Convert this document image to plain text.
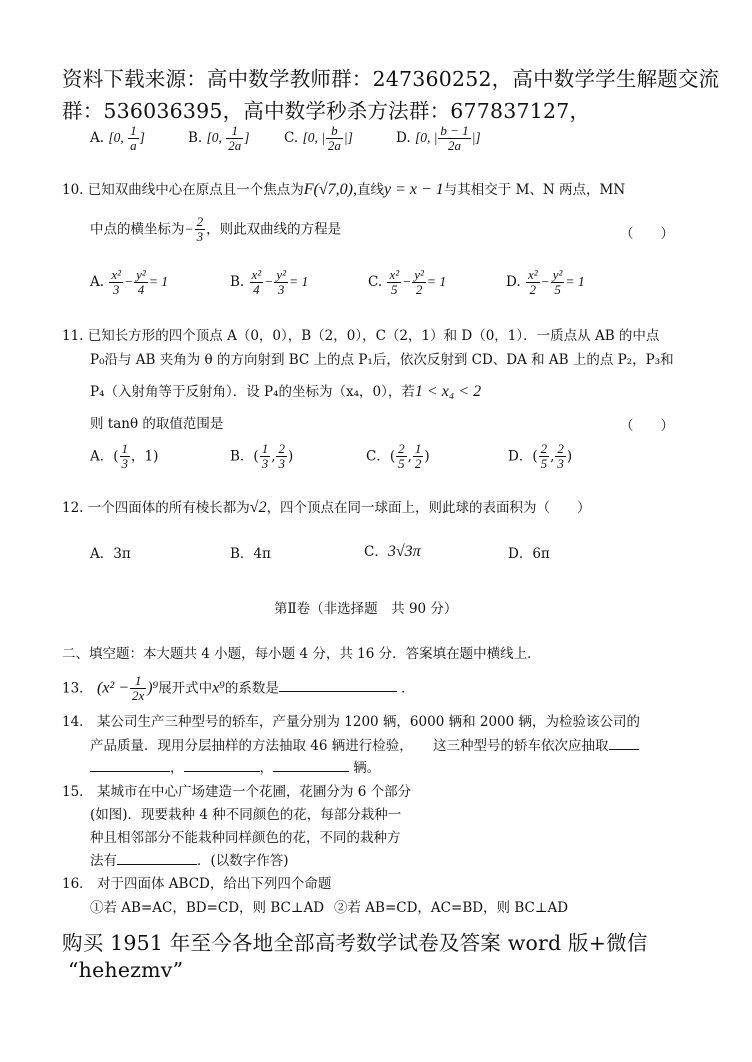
资料下载来源：高中数学教师群：247360252，高中数学学生解题交流
群：536036395，高中数学秒杀方法群：677837127，
A. [0, $\frac{1}{a}$ ]	B. [0, $\frac{1}{2a}$ ]	C. [0, | $\frac{b}{2a}$ |]	D. [0, | $\frac{b - 1}{2a}$ |]
10. 已知双曲线中心在原点且一个焦点为F(√7,0),直线y = x − 1与其相交于 M、N 两点，MN
中点的横坐标为− $\frac{2}{3}$ ，则此双曲线的方程是	（　　）
A. $\frac{\text{x²}}{3} - \frac{\text{y²}}{4} = 1$	B. $\frac{\text{x²}}{4} - \frac{\text{y²}}{3} = 1$	C. $\frac{\text{x²}}{5} - \frac{\text{y²}}{2} = 1$	D. $\frac{\text{x²}}{2} - \frac{\text{y²}}{5} = 1$
11. 已知长方形的四个顶点 A（0，0），B（2，0），C（2，1）和 D（0，1）．一质点从 AB 的中点
P₀沿与 AB 夹角为 θ 的方向射到 BC 上的点 P₁后，依次反射到 CD、DA 和 AB 上的点 P₂，P₃和
P₄（入射角等于反射角）．设 P₄的坐标为（x₄，0），若1 < x₄ < 2
则 tanθ 的取值范围是	（　　）
A．( $\frac{1}{3}$ ，1)	B．( $\frac{1}{3}$ , $\frac{2}{3}$ )	C．( $\frac{2}{5}$ , $\frac{1}{2}$ )	D．( $\frac{2}{5}$ , $\frac{2}{3}$ )
12. 一个四面体的所有棱长都为√2，四个顶点在同一球面上，则此球的表面积为（　　）
A．3π	B．4π	C．3√3π	D．6π
第Ⅱ卷（非选择题　共 90 分）
二、填空题：本大题共 4 小题，每小题 4 分，共 16 分．答案填在题中横线上．
13． $(x^2 - \frac{1}{2x} )^9$展开式中x⁹的系数是	．
14． 某公司生产三种型号的轿车，产量分别为 1200 辆，6000 辆和 2000 辆，为检验该公司的
产品质量．现用分层抽样的方法抽取 46 辆进行检验，　　这三种型号的轿车依次应抽取
，	，	辆。
15． 某城市在中心广场建造一个花圃，花圃分为 6 个部分
(如图)．现要栽种 4 种不同颜色的花，每部分栽种一
种且相邻部分不能栽种同样颜色的花，不同的栽种方
法有	．(以数字作答)
16． 对于四面体 ABCD，给出下列四个命题
①若 AB=AC，BD=CD，则 BC⊥AD ②若 AB=CD，AC=BD，则 BC⊥AD
购买 1951 年至今各地全部高考数学试卷及答案 word 版+微信
“hehezmv”
